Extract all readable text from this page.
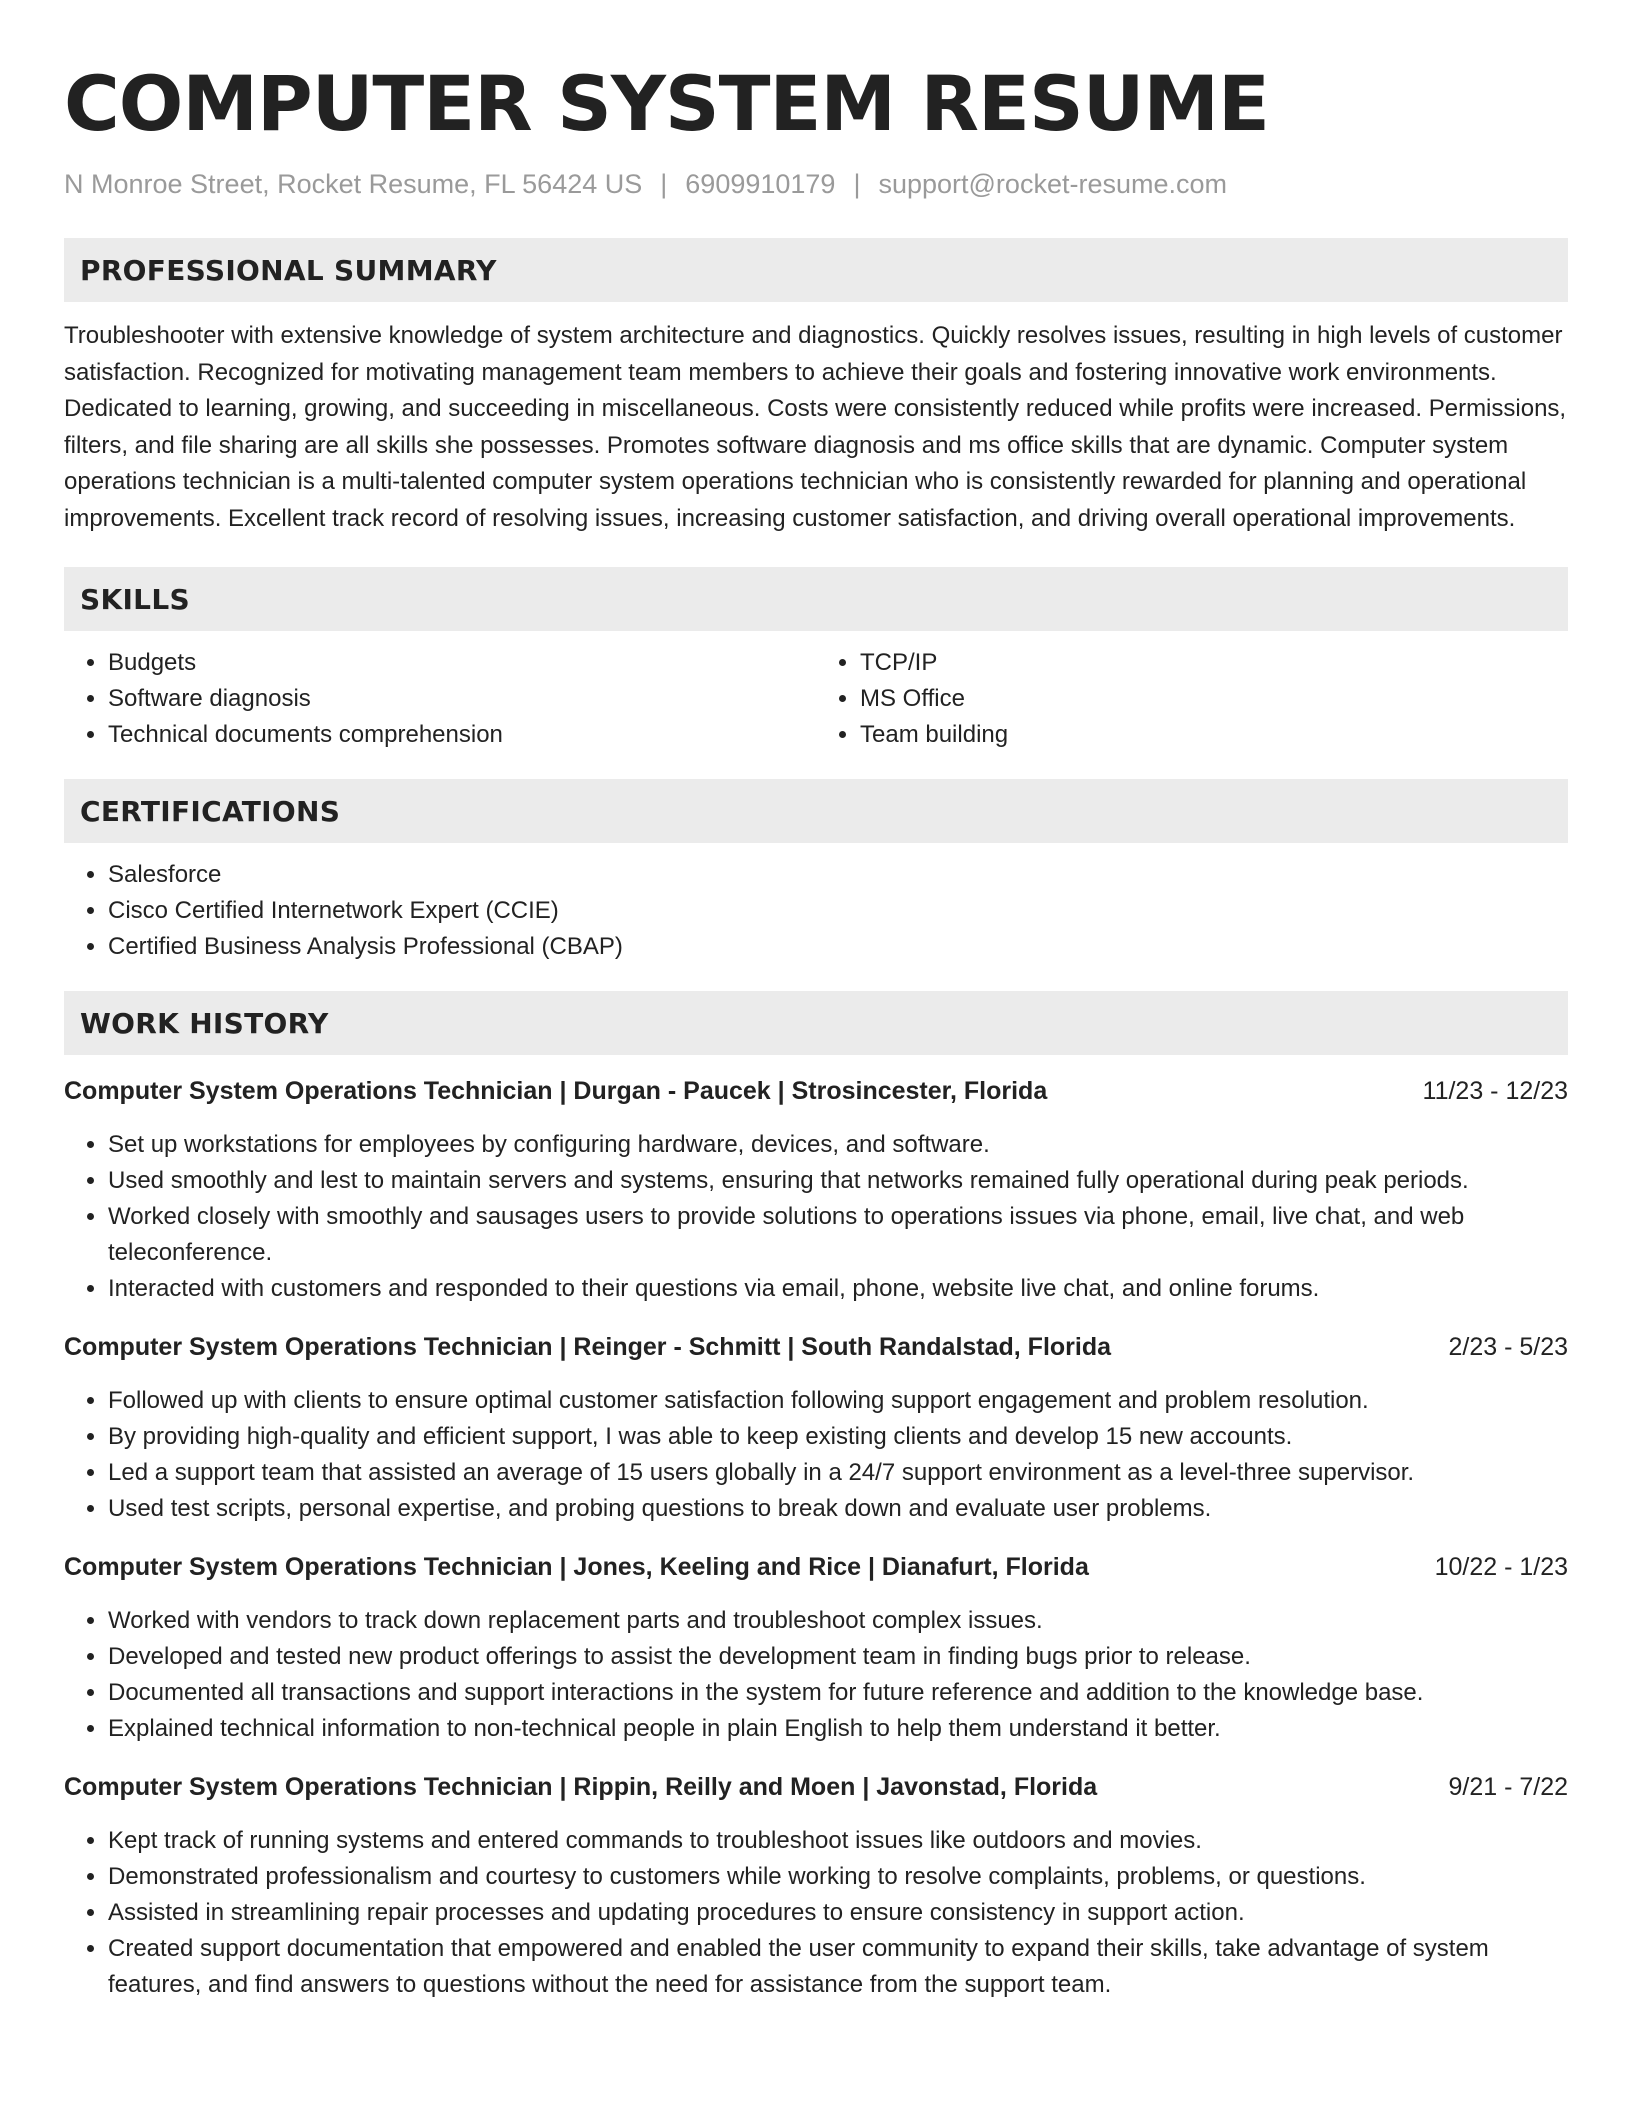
COMPUTER SYSTEM RESUME
N Monroe Street, Rocket Resume, FL 56424 US | 6909910179 | support@rocket-resume.com
PROFESSIONAL SUMMARY

Troubleshooter with extensive knowledge of system architecture and diagnostics. Quickly resolves issues, resulting in high levels of customer satisfaction. Recognized for motivating management team members to achieve their goals and fostering innovative work environments. Dedicated to learning, growing, and succeeding in miscellaneous. Costs were consistently reduced while profits were increased. Permissions, filters, and file sharing are all skills she possesses. Promotes software diagnosis and ms office skills that are dynamic. Computer system operations technician is a multi-talented computer system operations technician who is consistently rewarded for planning and operational improvements. Excellent track record of resolving issues, increasing customer satisfaction, and driving overall operational improvements.

SKILLS
• Budgets
• Software diagnosis
• Technical documents comprehension
• TCP/IP
• MS Office
• Team building
CERTIFICATIONS
• Salesforce
• Cisco Certified Internetwork Expert (CCIE)
• Certified Business Analysis Professional (CBAP)
WORK HISTORY
Computer System Operations Technician | Durgan - Paucek | Strosincester, Florida	11/23 - 12/23
• Set up workstations for employees by configuring hardware, devices, and software.
• Used smoothly and lest to maintain servers and systems, ensuring that networks remained fully operational during peak periods.
• Worked closely with smoothly and sausages users to provide solutions to operations issues via phone, email, live chat, and web teleconference.
• Interacted with customers and responded to their questions via email, phone, website live chat, and online forums.
Computer System Operations Technician | Reinger - Schmitt | South Randalstad, Florida	2/23 - 5/23
• Followed up with clients to ensure optimal customer satisfaction following support engagement and problem resolution.
• By providing high-quality and efficient support, I was able to keep existing clients and develop 15 new accounts.
• Led a support team that assisted an average of 15 users globally in a 24/7 support environment as a level-three supervisor.
• Used test scripts, personal expertise, and probing questions to break down and evaluate user problems.
Computer System Operations Technician | Jones, Keeling and Rice | Dianafurt, Florida	10/22 - 1/23
• Worked with vendors to track down replacement parts and troubleshoot complex issues.
• Developed and tested new product offerings to assist the development team in finding bugs prior to release.
• Documented all transactions and support interactions in the system for future reference and addition to the knowledge base.
• Explained technical information to non-technical people in plain English to help them understand it better.
Computer System Operations Technician | Rippin, Reilly and Moen | Javonstad, Florida	9/21 - 7/22
• Kept track of running systems and entered commands to troubleshoot issues like outdoors and movies.
• Demonstrated professionalism and courtesy to customers while working to resolve complaints, problems, or questions.
• Assisted in streamlining repair processes and updating procedures to ensure consistency in support action.
• Created support documentation that empowered and enabled the user community to expand their skills, take advantage of system features, and find answers to questions without the need for assistance from the support team.
